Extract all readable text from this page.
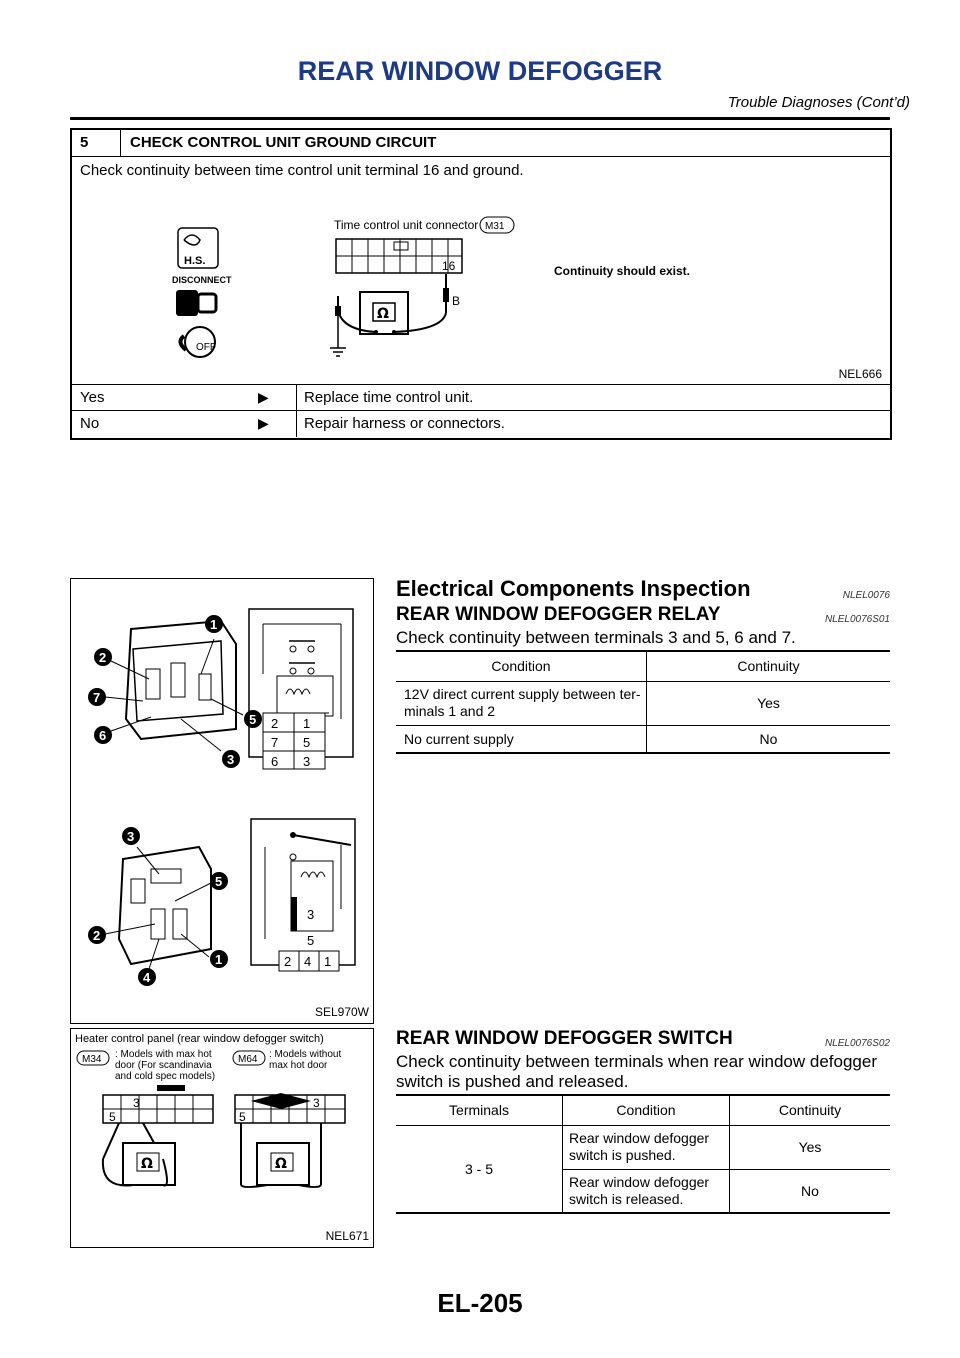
REAR WINDOW DEFOGGER
Trouble Diagnoses (Cont’d)
5	CHECK CONTROL UNIT GROUND CIRCUIT
Check continuity between time control unit terminal 16 and ground.
H.S.
DISCONNECT
OFF
Time control unit connector M31
16
B
Ω
Continuity should exist.
NEL666
Yes	▶ Replace time control unit.
No	▶ Repair harness or connectors.
1
2
7
5
6
3
2 1
7 5
6 3
3
5
2
1
4
3
5
2 4 1
SEL970W
Heater control panel (rear window defogger switch)
M34	M64
3
5
Ω
3
5
Ω
: Models with max hot
door (For scandinavia
and cold spec models)
: Models without
max hot door
NEL671
Electrical Components Inspection	NLEL0076
REAR WINDOW DEFOGGER RELAY	NLEL0076S01
Check continuity between terminals 3 and 5, 6 and 7.
Condition	Continuity
12V direct current supply between ter-
minals 1 and 2	Yes
No current supply	No
REAR WINDOW DEFOGGER SWITCH	NLEL0076S02
Check continuity between terminals when rear window defogger switch is pushed and released.
Terminals	Condition	Continuity
3 - 5	Rear window defogger
switch is pushed.	Yes
	Rear window defogger
switch is released.	No
EL-205
